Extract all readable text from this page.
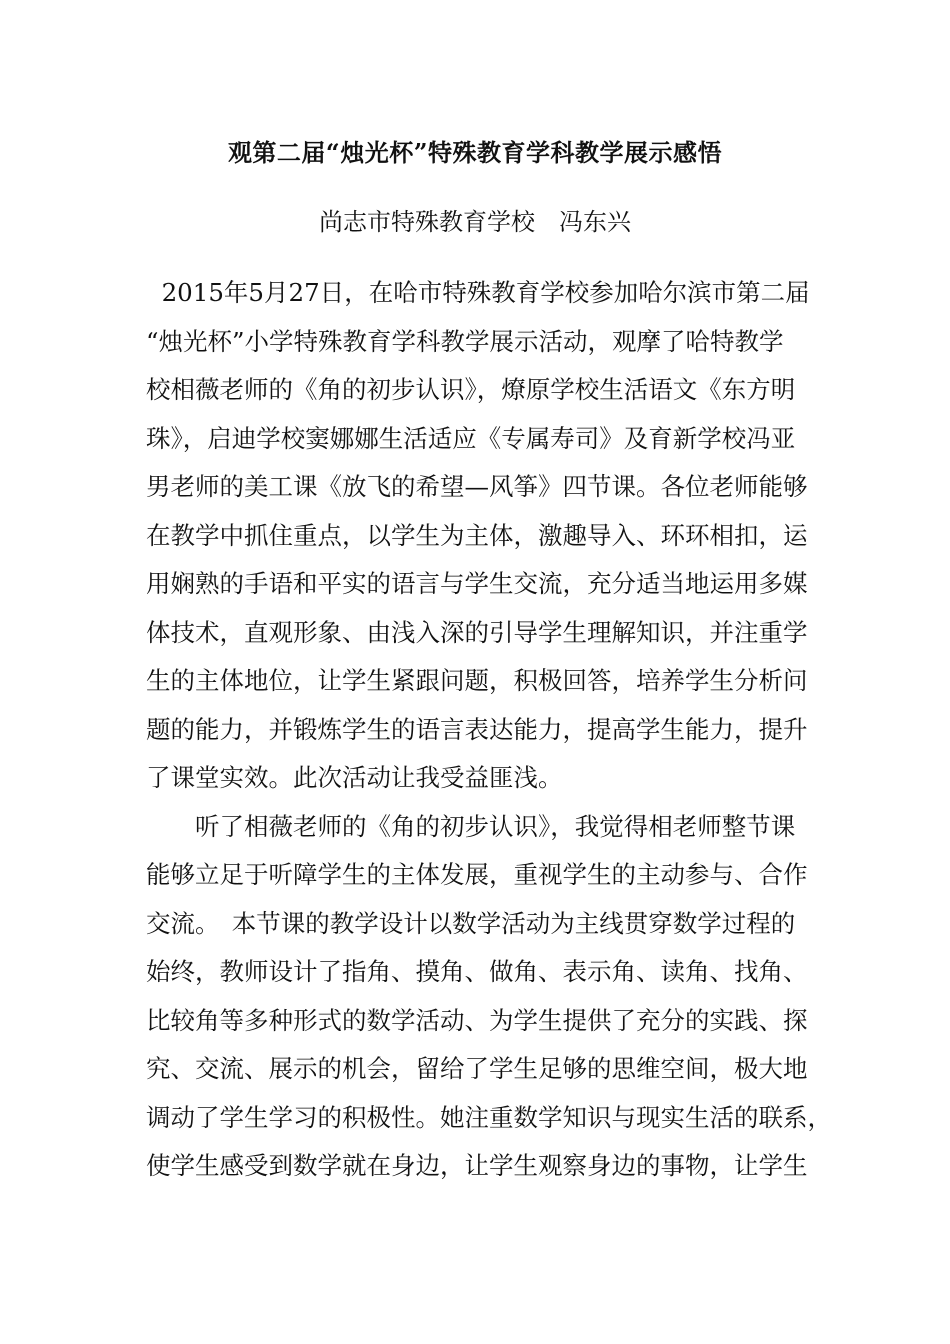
观第二届“烛光杯”特殊教育学科教学展示感悟
尚志市特殊教育学校　冯东兴
2015年5月27日，在哈市特殊教育学校参加哈尔滨市第二届
“烛光杯”小学特殊教育学科教学展示活动，观摩了哈特教学
校相薇老师的《角的初步认识》，燎原学校生活语文《东方明
珠》，启迪学校窦娜娜生活适应《专属寿司》及育新学校冯亚
男老师的美工课《放飞的希望—风筝》四节课。各位老师能够
在教学中抓住重点，以学生为主体，激趣导入、环环相扣，运
用娴熟的手语和平实的语言与学生交流，充分适当地运用多媒
体技术，直观形象、由浅入深的引导学生理解知识，并注重学
生的主体地位，让学生紧跟问题，积极回答，培养学生分析问
题的能力，并锻炼学生的语言表达能力，提高学生能力，提升
了课堂实效。此次活动让我受益匪浅。
　　听了相薇老师的《角的初步认识》，我觉得相老师整节课
能够立足于听障学生的主体发展，重视学生的主动参与、合作
交流。　本节课的教学设计以数学活动为主线贯穿数学过程的
始终，教师设计了指角、摸角、做角、表示角、读角、找角、
比较角等多种形式的数学活动、为学生提供了充分的实践、探
究、交流、展示的机会，留给了学生足够的思维空间，极大地
调动了学生学习的积极性。她注重数学知识与现实生活的联系，
使学生感受到数学就在身边，让学生观察身边的事物，让学生
